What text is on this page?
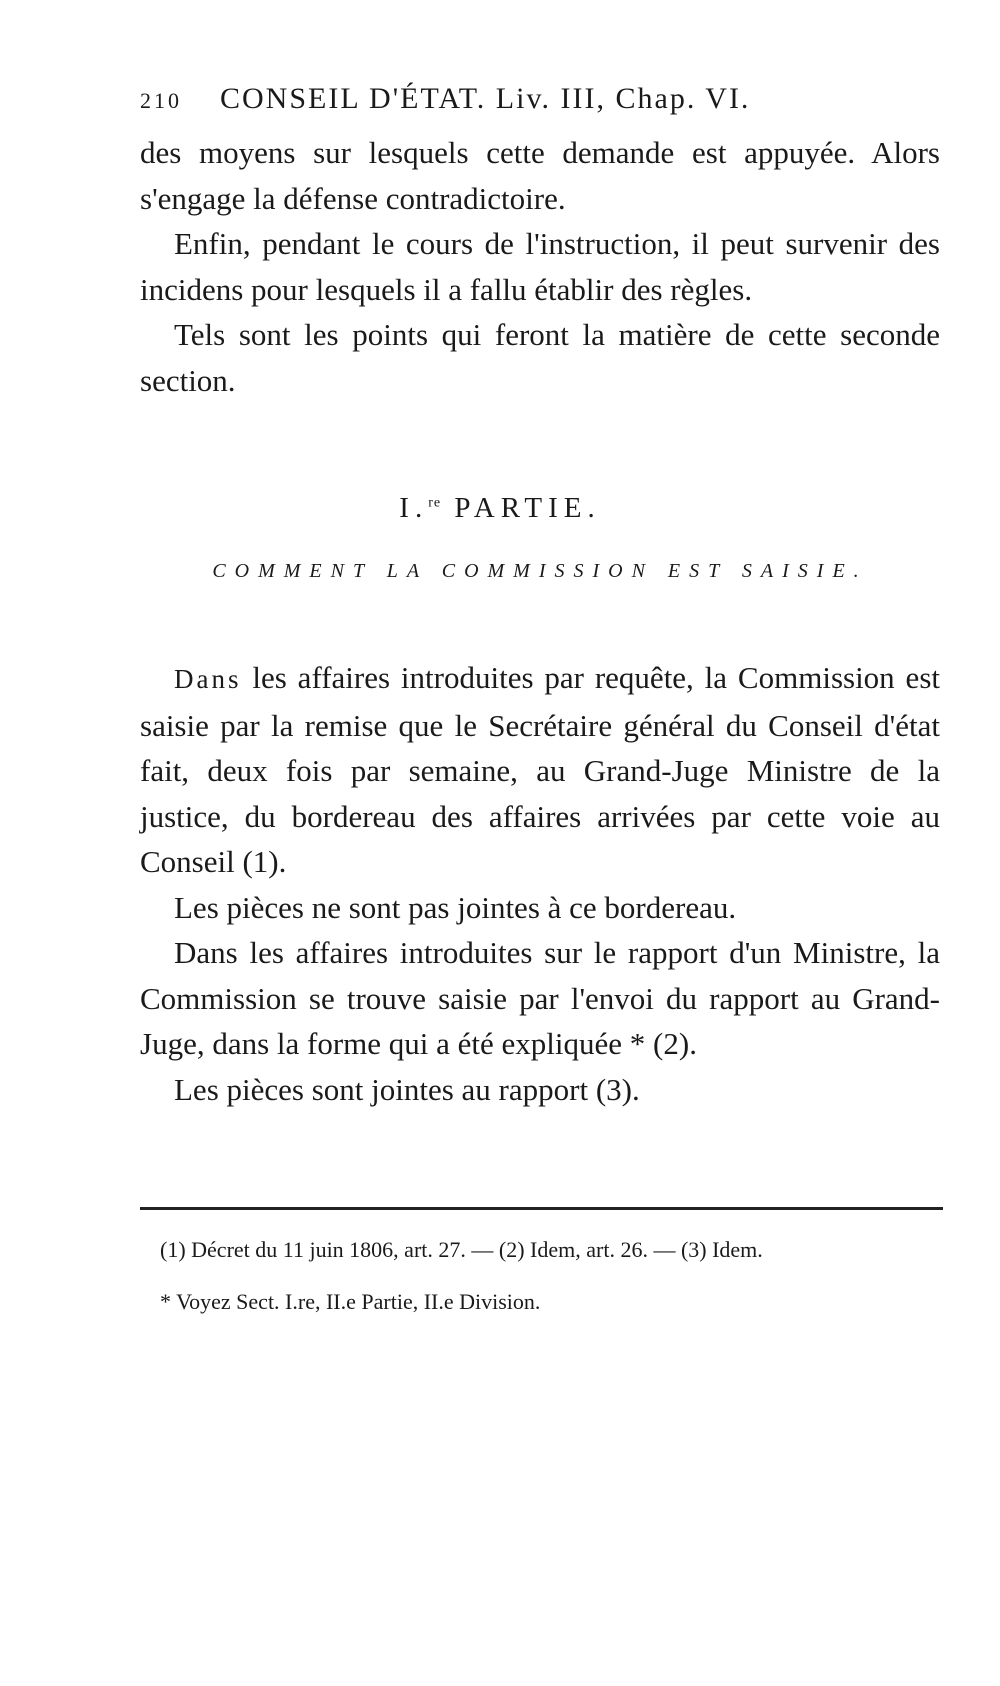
210 CONSEIL D'ÉTAT. Liv. III, Chap. VI.

des moyens sur lesquels cette demande est appuyée. Alors s'engage la défense contradictoire.

Enfin, pendant le cours de l'instruction, il peut survenir des incidens pour lesquels il a fallu établir des règles.

Tels sont les points qui feront la matière de cette seconde section.

I.$^{re}$ PARTIE.
COMMENT LA COMMISSION EST SAISIE.

Dans les affaires introduites par requête, la Commission est saisie par la remise que le Secrétaire général du Conseil d'état fait, deux fois par semaine, au Grand-Juge Ministre de la justice, du bordereau des affaires arrivées par cette voie au Conseil (1).

Les pièces ne sont pas jointes à ce bordereau.

Dans les affaires introduites sur le rapport d'un Ministre, la Commission se trouve saisie par l'envoi du rapport au Grand-Juge, dans la forme qui a été expliquée * (2).

Les pièces sont jointes au rapport (3).

(1) Décret du 11 juin 1806, art. 27. — (2) Idem, art. 26. — (3) Idem.
* Voyez Sect. I.re, II.e Partie, II.e Division.
